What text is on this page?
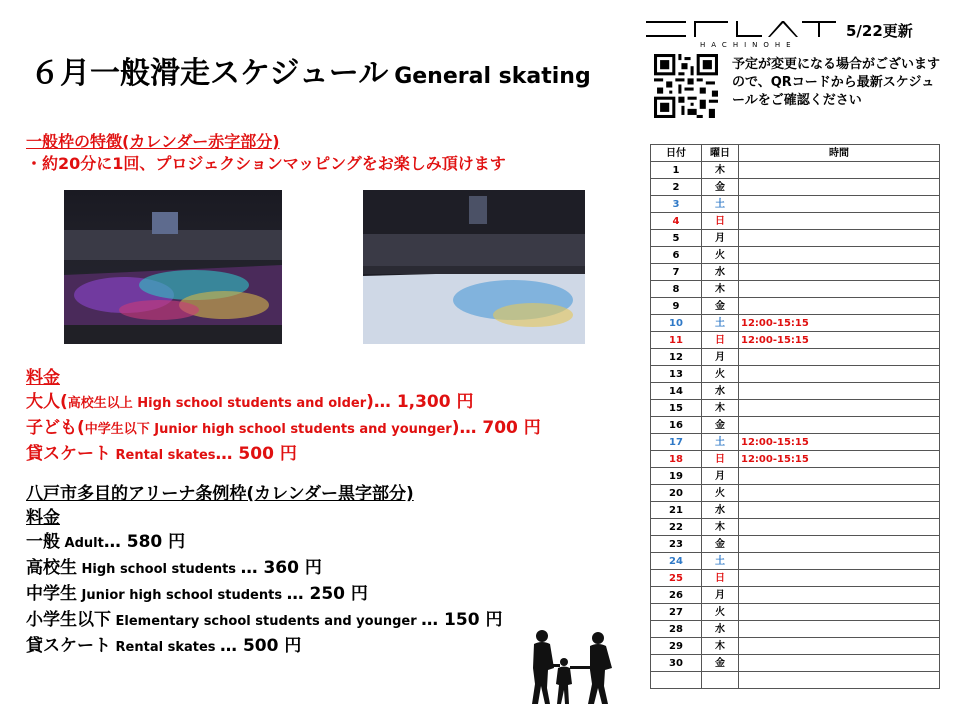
６月一般滑走スケジュール General skating
HACHINOHE
5/22更新
予定が変更になる場合がございますので、QRコードから最新スケジュールをご確認ください
一般枠の特徴(カレンダー赤字部分)
・約20分に1回、プロジェクションマッピングをお楽しみ頂けます
料金
大人(高校生以上 High school students and older)… 1,300 円
子ども(中学生以下 Junior high school students and younger)… 700 円
貸スケート Rental skates… 500 円
八戸市多目的アリーナ条例枠(カレンダー黒字部分)
料金
一般 Adult… 580 円
高校生 High school students … 360 円
中学生 Junior high school students … 250 円
小学生以下 Elementary school students and younger … 150 円
貸スケート Rental skates … 500 円
日付	曜日	時間
1	木	
2	金	
3	土	
4	日	
5	月	
6	火	
7	水	
8	木	
9	金	
10	土	12:00-15:15
11	日	12:00-15:15
12	月	
13	火	
14	水	
15	木	
16	金	
17	土	12:00-15:15
18	日	12:00-15:15
19	月	
20	火	
21	水	
22	木	
23	金	
24	土	
25	日	
26	月	
27	火	
28	水	
29	木	
30	金	
